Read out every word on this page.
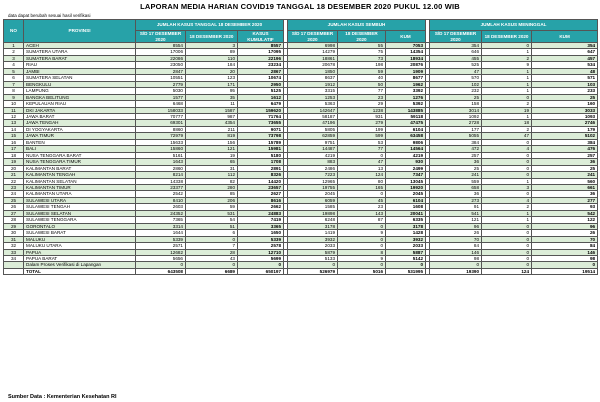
LAPORAN MEDIA HARIAN COVID19 TANGGAL 18 DESEMBER 2020 PUKUL 12.00 WIB
data dapat berubah sesuai hasil verifikasi
NO	PROVINSI	JUMLAH KASUS TANGGAL 18 DESEMBER 2020				JUMLAH KASUS SEMBUH				JUMLAH KASUS MENINGGAL		
		S/D 17 DESEMBER 2020	18 DESEMBER 2020	KASUS KUMULATIF		S/D 17 DESEMBER 2020	18 DESEMBER 2020	KUM		S/D 17 DESEMBER 2020	18 DESEMBER 2020	KUM
1	ACEH	8554	3	8557		6998	55	7053		354	0	354
2	SUMATERA UTARA	17006	89	17095		14279	75	14354		646	1	647
3	SUMATERA BARAT	22086	110	22196		18861	73	18934		455	2	457
4	RIAU	23050	184	23234		20678	198	20876		525	9	534
5	JAMBI	2847	20	2867		1850	59	1909		47	1	48
6	SUMATERA SELATAN	10551	123	10674		8637	40	8677		570	1	571
7	BENGKULU	2779	171	2950		1912	50	1962		102	1	103
8	LAMPUNG	5030	95	5125		3315	77	3392		232	1	233
9	BANGKA BELITUNG	1577	35	1612		1253	23	1276		25	0	25
10	KEPULAUAN RIAU	6468	11	6479		5363	29	5392		158	2	160
11	DKI JAKARTA	158033	1587	159620		142647	1238	143885		3014	19	3033
12	JAWA BARAT	70777	987	71764		58187	931	59118		1092	1	1093
13	JAWA TENGAH	69301	4354	73655		47196	279	47475		2728	18	2746
14	DI YOGYAKARTA	8860	211	9071		5805	199	6104		177	2	179
15	JAWA TIMUR	72979	819	73798		62859	599	63458		5055	47	5102
16	BANTEN	15633	156	15789		9751	53	9806		384	0	384
17	BALI	15860	121	15981		14487	77	14564		472	4	476
18	NUSA TENGGARA BARAT	5161	19	5180		4219	0	4219		257	0	257
19	NUSA TENGGARA TIMUR	1643	65	1708		883	47	930		36	0	36
20	KALIMANTAN BARAT	2860	31	2891		2486	13	2499		25	0	25
21	KALIMANTAN TENGAH	8214	112	8326		7223	124	7347		241	0	241
22	KALIMANTAN SELATAN	14338	82	14420		12965	80	13045		559	1	560
23	KALIMANTAN TIMUR	23377	280	23657		19755	165	19920		658	3	661
24	KALIMANTAN UTARA	2542	85	2627		2045	0	2045		36	0	36
25	SULAWESI UTARA	8410	206	8616		6059	45	6104		273	4	277
26	SULAWESI TENGAH	2603	59	2662		1585	23	1608		91	2	93
27	SULAWESI SELATAN	24352	531	24883		19898	143	20041		541	1	542
28	SULAWESI TENGGARA	7365	54	7419		6248	87	6335		121	1	122
29	GORONTALO	3314	51	3365		3178	0	3178		96	0	96
30	SULAWESI BARAT	1644	6	1650		1419	9	1428		26	0	26
31	MALUKU	5339	0	5339		3932	0	3932		70	0	70
32	MALUKU UTARA	2571	7	2578		2033	0	2033		84	0	84
33	PAPUA	12682	28	12710		5879	8	5887		146	0	146
34	PAPUA BARAT	5656	43	5699		5133	9	5142		98	0	98
	Dalam Proses Verifikasi di Lapangan	0	0	0		0	0	0		0	0	0
	TOTAL	643508	6689	650197		526979	5016	531995		19390	124	19514
Sumber Data : Kementerian Kesehatan RI
